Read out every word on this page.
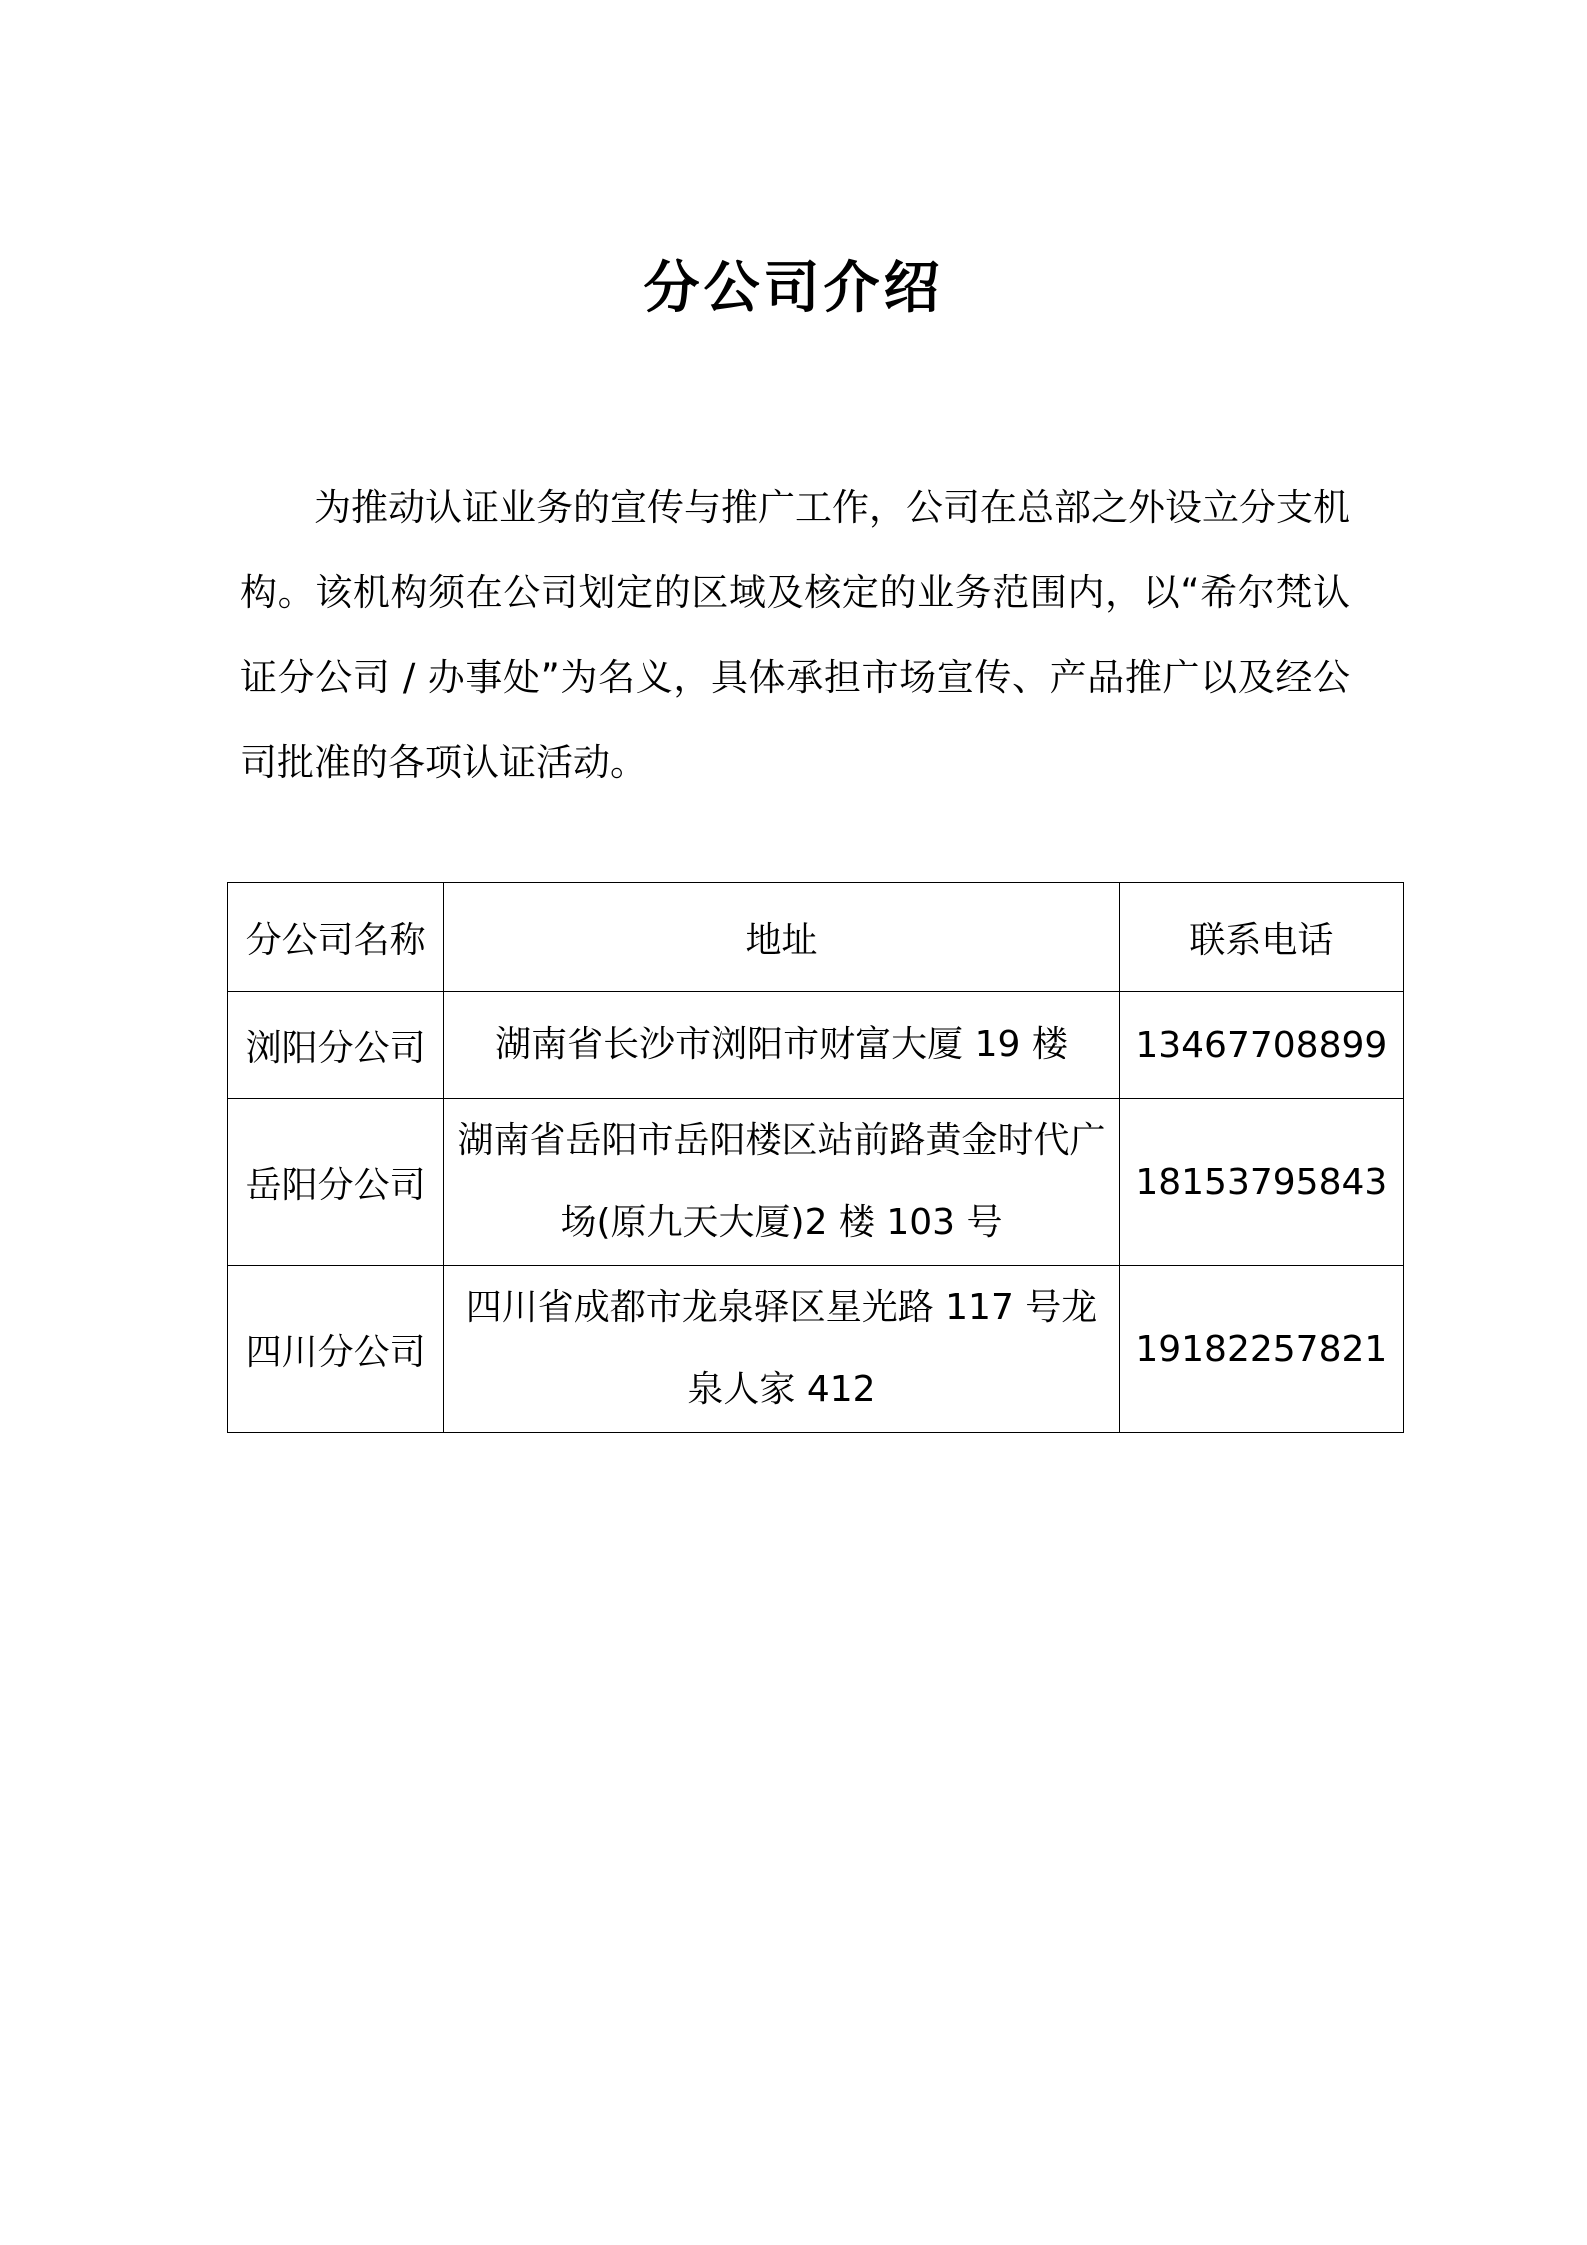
分公司介绍

为推动认证业务的宣传与推广工作，公司在总部之外设立分支机构。该机构须在公司划定的区域及核定的业务范围内，以“希尔梵认证分公司 / 办事处”为名义，具体承担市场宣传、产品推广以及经公司批准的各项认证活动。

分公司名称	地址	联系电话
浏阳分公司	湖南省长沙市浏阳市财富大厦 19 楼	13467708899
岳阳分公司	湖南省岳阳市岳阳楼区站前路黄金时代广场(原九天大厦)2 楼 103 号	18153795843
四川分公司	四川省成都市龙泉驿区星光路 117 号龙泉人家 412	19182257821
